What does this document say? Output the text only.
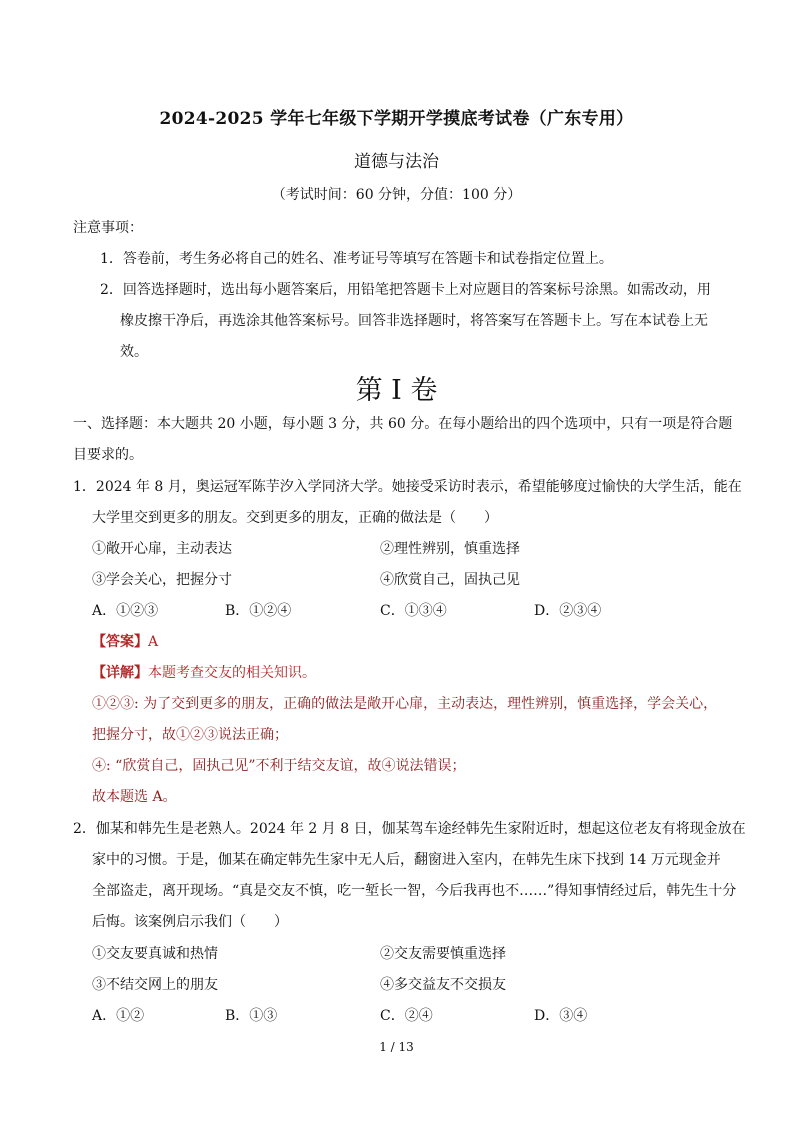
2024-2025 学年七年级下学期开学摸底考试卷（广东专用）
道德与法治
（考试时间：60 分钟，分值：100 分）
注意事项：
1．答卷前，考生务必将自己的姓名、准考证号等填写在答题卡和试卷指定位置上。
2．回答选择题时，选出每小题答案后，用铅笔把答题卡上对应题目的答案标号涂黑。如需改动，用
橡皮擦干净后，再选涂其他答案标号。回答非选择题时，将答案写在答题卡上。写在本试卷上无
效。
第 I 卷
一、选择题：本大题共 20 小题，每小题 3 分，共 60 分。在每小题给出的四个选项中，只有一项是符合题
目要求的。
1．2024 年 8 月，奥运冠军陈芋汐入学同济大学。她接受采访时表示，希望能够度过愉快的大学生活，能在
大学里交到更多的朋友。交到更多的朋友，正确的做法是（　　）
①敞开心扉，主动表达	②理性辨别，慎重选择
③学会关心，把握分寸	④欣赏自己，固执己见
A．①②③	B．①②④	C．①③④	D．②③④
【答案】A
【详解】本题考查交友的相关知识。
①②③: 为了交到更多的朋友，正确的做法是敞开心扉，主动表达，理性辨别，慎重选择，学会关心，
把握分寸，故①②③说法正确；
④: “欣赏自己，固执己见”不利于结交友谊，故④说法错误；
故本题选 A。
2．伽某和韩先生是老熟人。2024 年 2 月 8 日，伽某驾车途经韩先生家附近时，想起这位老友有将现金放在
家中的习惯。于是，伽某在确定韩先生家中无人后，翻窗进入室内，在韩先生床下找到 14 万元现金并
全部盗走，离开现场。“真是交友不慎，吃一堑长一智，今后我再也不……”得知事情经过后，韩先生十分
后悔。该案例启示我们（　　）
①交友要真诚和热情	②交友需要慎重选择
③不结交网上的朋友	④多交益友不交损友
A．①②	B．①③	C．②④	D．③④
1 / 13
